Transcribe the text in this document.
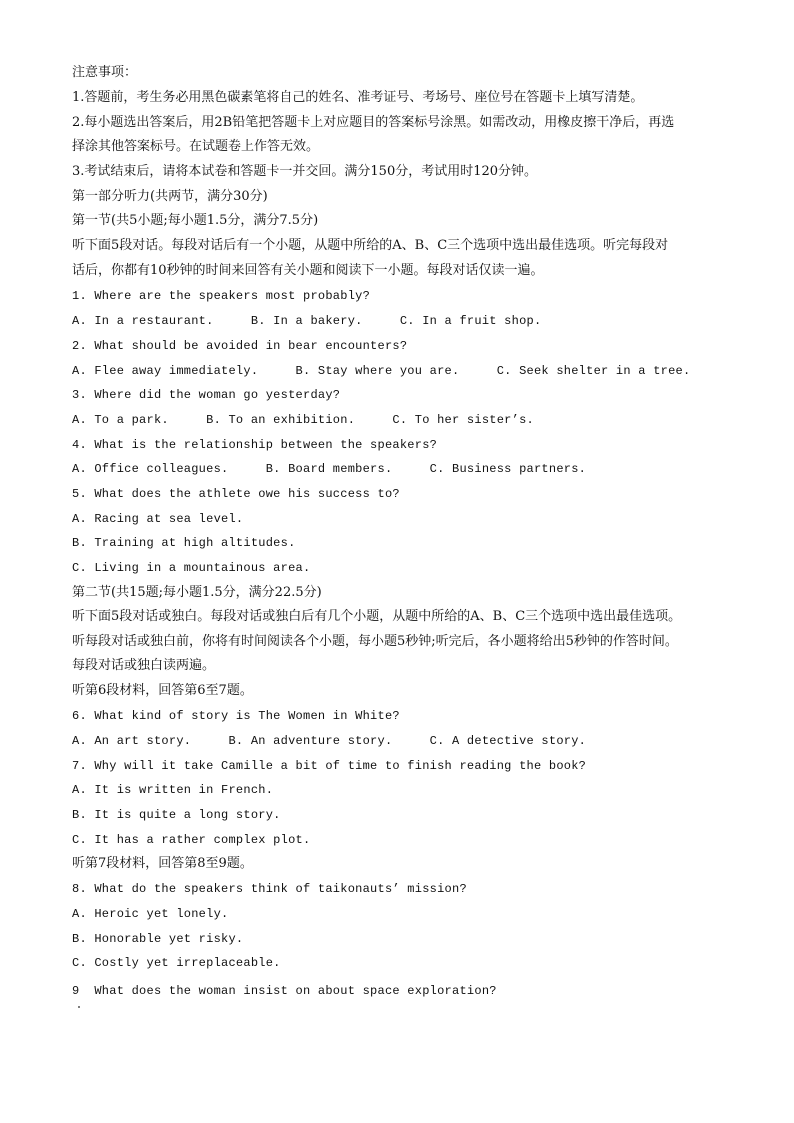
注意事项：
1.答题前，考生务必用黑色碳素笔将自己的姓名、准考证号、考场号、座位号在答题卡上填写清楚。
2.每小题选出答案后，用2B铅笔把答题卡上对应题目的答案标号涂黑。如需改动，用橡皮擦干净后，再选
择涂其他答案标号。在试题卷上作答无效。
3.考试结束后，请将本试卷和答题卡一并交回。满分150分，考试用时120分钟。
第一部分听力(共两节，满分30分)
第一节(共5小题;每小题1.5分，满分7.5分)
听下面5段对话。每段对话后有一个小题，从题中所给的A、B、C三个选项中选出最佳选项。听完每段对
话后，你都有10秒钟的时间来回答有关小题和阅读下一小题。每段对话仅读一遍。
1. Where are the speakers most probably?
A. In a restaurant.     B. In a bakery.     C. In a fruit shop.
2. What should be avoided in bear encounters?
A. Flee away immediately.     B. Stay where you are.     C. Seek shelter in a tree.
3. Where did the woman go yesterday?
A. To a park.     B. To an exhibition.     C. To her sister’s.
4. What is the relationship between the speakers?
A. Office colleagues.     B. Board members.     C. Business partners.
5. What does the athlete owe his success to?
A. Racing at sea level.
B. Training at high altitudes.
C. Living in a mountainous area.
第二节(共15题;每小题1.5分，满分22.5分)
听下面5段对话或独白。每段对话或独白后有几个小题，从题中所给的A、B、C三个选项中选出最佳选项。
听每段对话或独白前，你将有时间阅读各个小题，每小题5秒钟;听完后，各小题将给出5秒钟的作答时间。
每段对话或独白读两遍。
听第6段材料，回答第6至7题。
6. What kind of story is The Women in White?
A. An art story.     B. An adventure story.     C. A detective story.
7. Why will it take Camille a bit of time to finish reading the book?
A. It is written in French.
B. It is quite a long story.
C. It has a rather complex plot.
听第7段材料，回答第8至9题。
8. What do the speakers think of taikonauts’ mission?
A. Heroic yet lonely.
B. Honorable yet risky.
C. Costly yet irreplaceable.
9  What does the woman insist on about space exploration?
